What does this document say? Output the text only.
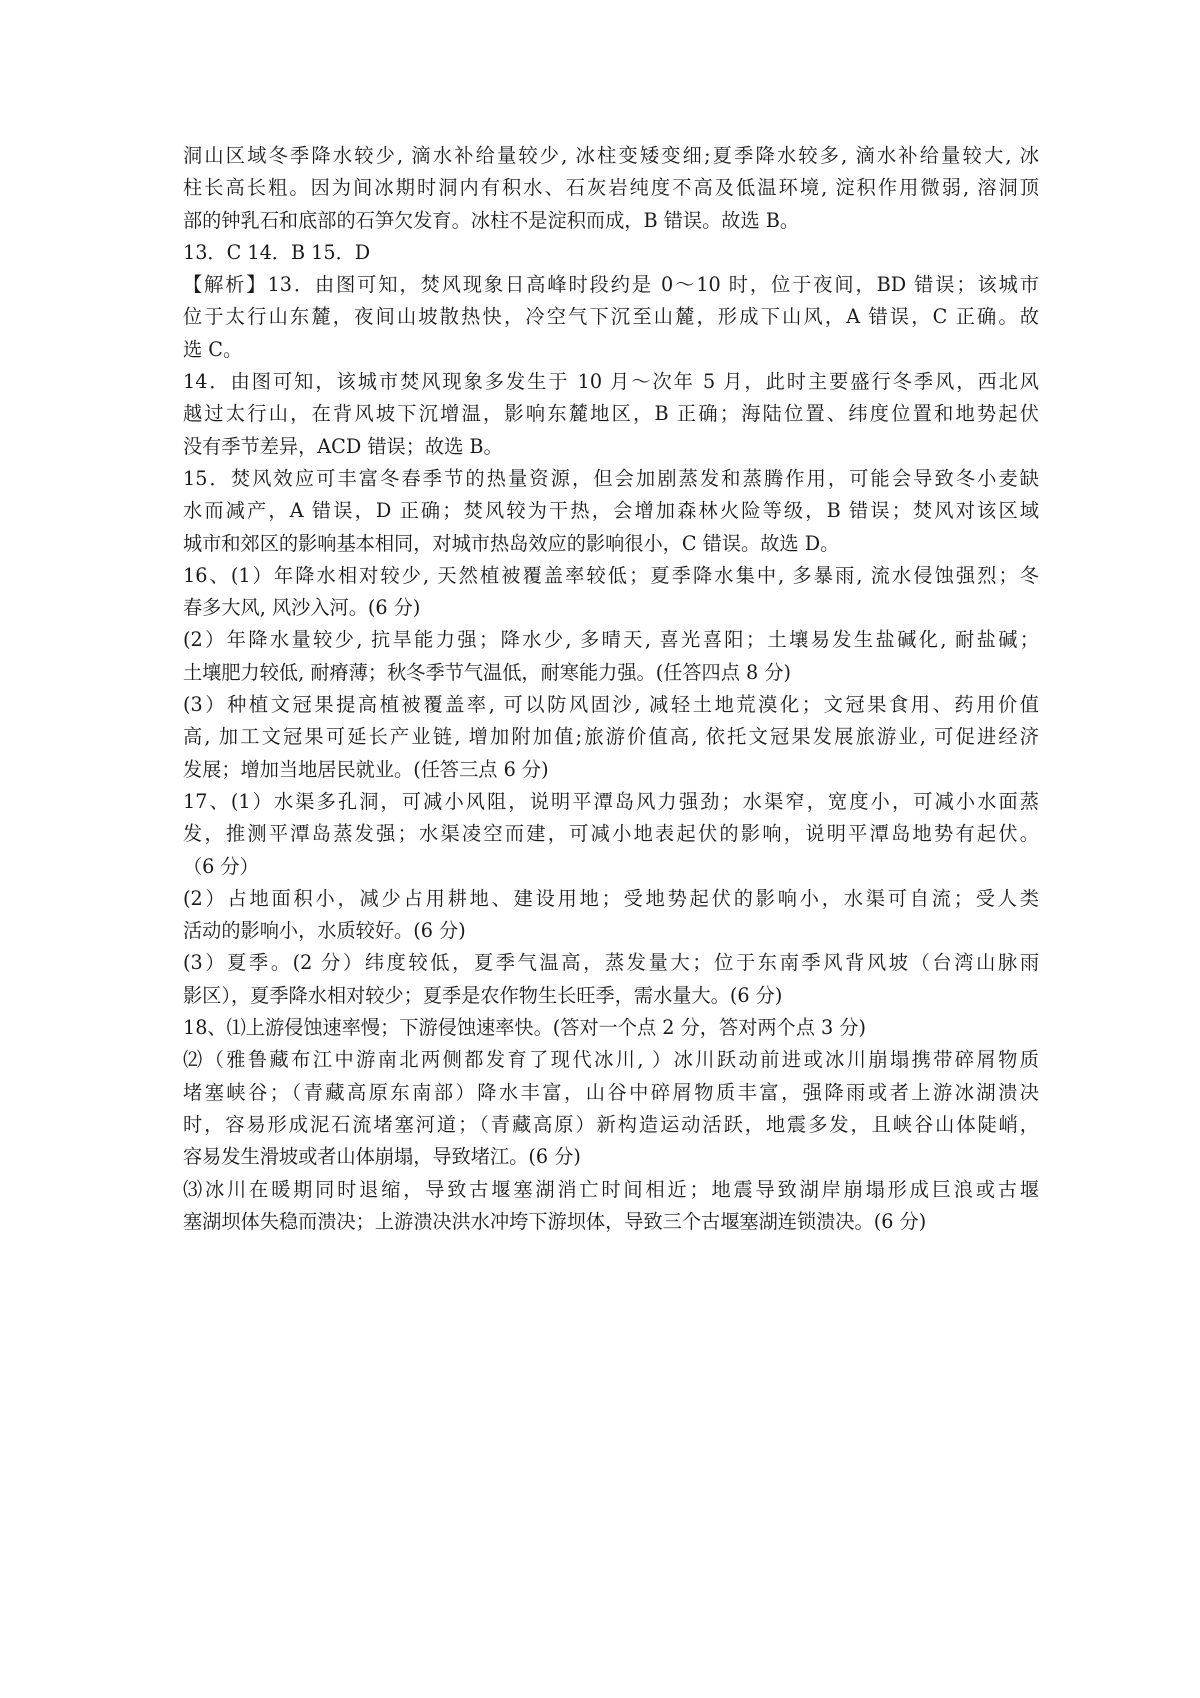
洞山区域冬季降水较少, 滴水补给量较少, 冰柱变矮变细;夏季降水较多, 滴水补给量较大, 冰
柱长高长粗。因为间冰期时洞内有积水、石灰岩纯度不高及低温环境, 淀积作用微弱, 溶洞顶
部的钟乳石和底部的石笋欠发育。冰柱不是淀积而成，B 错误。故选 B。
13．C 14．B 15．D
【解析】13．由图可知，焚风现象日高峰时段约是 0～10 时，位于夜间，BD 错误；该城市
位于太行山东麓，夜间山坡散热快，冷空气下沉至山麓，形成下山风，A 错误，C 正确。故
选 C。
14．由图可知，该城市焚风现象多发生于 10 月～次年 5 月，此时主要盛行冬季风，西北风
越过太行山，在背风坡下沉增温，影响东麓地区，B 正确；海陆位置、纬度位置和地势起伏
没有季节差异，ACD 错误；故选 B。
15．焚风效应可丰富冬春季节的热量资源，但会加剧蒸发和蒸腾作用，可能会导致冬小麦缺
水而减产，A 错误，D 正确；焚风较为干热，会增加森林火险等级，B 错误；焚风对该区域
城市和郊区的影响基本相同，对城市热岛效应的影响很小，C 错误。故选 D。
16、(1）年降水相对较少, 天然植被覆盖率较低；夏季降水集中, 多暴雨, 流水侵蚀强烈；冬
春多大风, 风沙入河。(6 分)
(2）年降水量较少, 抗旱能力强；降水少, 多晴天, 喜光喜阳；土壤易发生盐碱化, 耐盐碱；
土壤肥力较低, 耐瘠薄；秋冬季节气温低，耐寒能力强。(任答四点 8 分)
(3）种植文冠果提高植被覆盖率, 可以防风固沙, 减轻土地荒漠化；文冠果食用、药用价值
高, 加工文冠果可延长产业链, 增加附加值;旅游价值高, 依托文冠果发展旅游业, 可促进经济
发展；增加当地居民就业。(任答三点 6 分)
17、(1）水渠多孔洞，可减小风阻，说明平潭岛风力强劲；水渠窄，宽度小，可减小水面蒸
发，推测平潭岛蒸发强；水渠凌空而建，可减小地表起伏的影响，说明平潭岛地势有起伏。
（6 分）
(2）占地面积小，减少占用耕地、建设用地；受地势起伏的影响小，水渠可自流；受人类
活动的影响小，水质较好。(6 分)
(3）夏季。(2 分）纬度较低，夏季气温高，蒸发量大；位于东南季风背风坡（台湾山脉雨
影区），夏季降水相对较少；夏季是农作物生长旺季，需水量大。(6 分)
18、⑴上游侵蚀速率慢；下游侵蚀速率快。(答对一个点 2 分，答对两个点 3 分)
⑵（雅鲁藏布江中游南北两侧都发育了现代冰川, ）冰川跃动前进或冰川崩塌携带碎屑物质
堵塞峡谷；（青藏高原东南部）降水丰富，山谷中碎屑物质丰富，强降雨或者上游冰湖溃决
时，容易形成泥石流堵塞河道；（青藏高原）新构造运动活跃，地震多发，且峡谷山体陡峭，
容易发生滑坡或者山体崩塌，导致堵江。(6 分)
⑶冰川在暖期同时退缩，导致古堰塞湖消亡时间相近；地震导致湖岸崩塌形成巨浪或古堰
塞湖坝体失稳而溃决；上游溃决洪水冲垮下游坝体，导致三个古堰塞湖连锁溃决。(6 分)
